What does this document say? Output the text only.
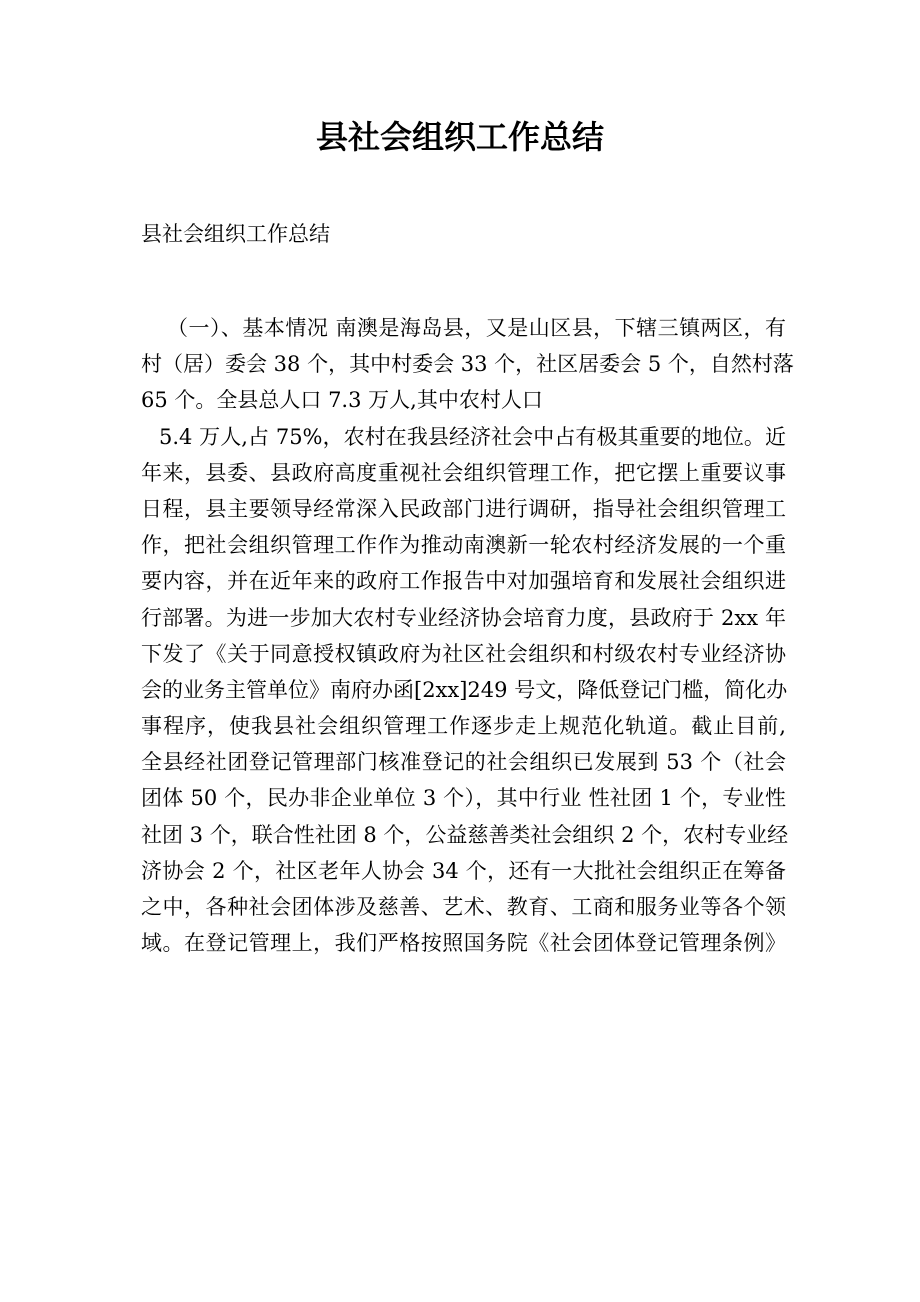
县社会组织工作总结
县社会组织工作总结
（一）、基本情况 南澳是海岛县，又是山区县，下辖三镇两区，有
村（居）委会 38 个，其中村委会 33 个，社区居委会 5 个，自然村落
65 个。全县总人口 7.3 万人,其中农村人口
5.4 万人,占 75%，农村在我县经济社会中占有极其重要的地位。近
年来，县委、县政府高度重视社会组织管理工作，把它摆上重要议事
日程，县主要领导经常深入民政部门进行调研，指导社会组织管理工
作，把社会组织管理工作作为推动南澳新一轮农村经济发展的一个重
要内容，并在近年来的政府工作报告中对加强培育和发展社会组织进
行部署。为进一步加大农村专业经济协会培育力度，县政府于 2xx 年
下发了《关于同意授权镇政府为社区社会组织和村级农村专业经济协
会的业务主管单位》南府办函[2xx]249 号文，降低登记门槛，简化办
事程序，使我县社会组织管理工作逐步走上规范化轨道。截止目前,
全县经社团登记管理部门核准登记的社会组织已发展到 53 个（社会
团体 50 个，民办非企业单位 3 个），其中行业 性社团 1 个，专业性
社团 3 个，联合性社团 8 个，公益慈善类社会组织 2 个，农村专业经
济协会 2 个，社区老年人协会 34 个，还有一大批社会组织正在筹备
之中，各种社会团体涉及慈善、艺术、教育、工商和服务业等各个领
域。在登记管理上，我们严格按照国务院《社会团体登记管理条例》
